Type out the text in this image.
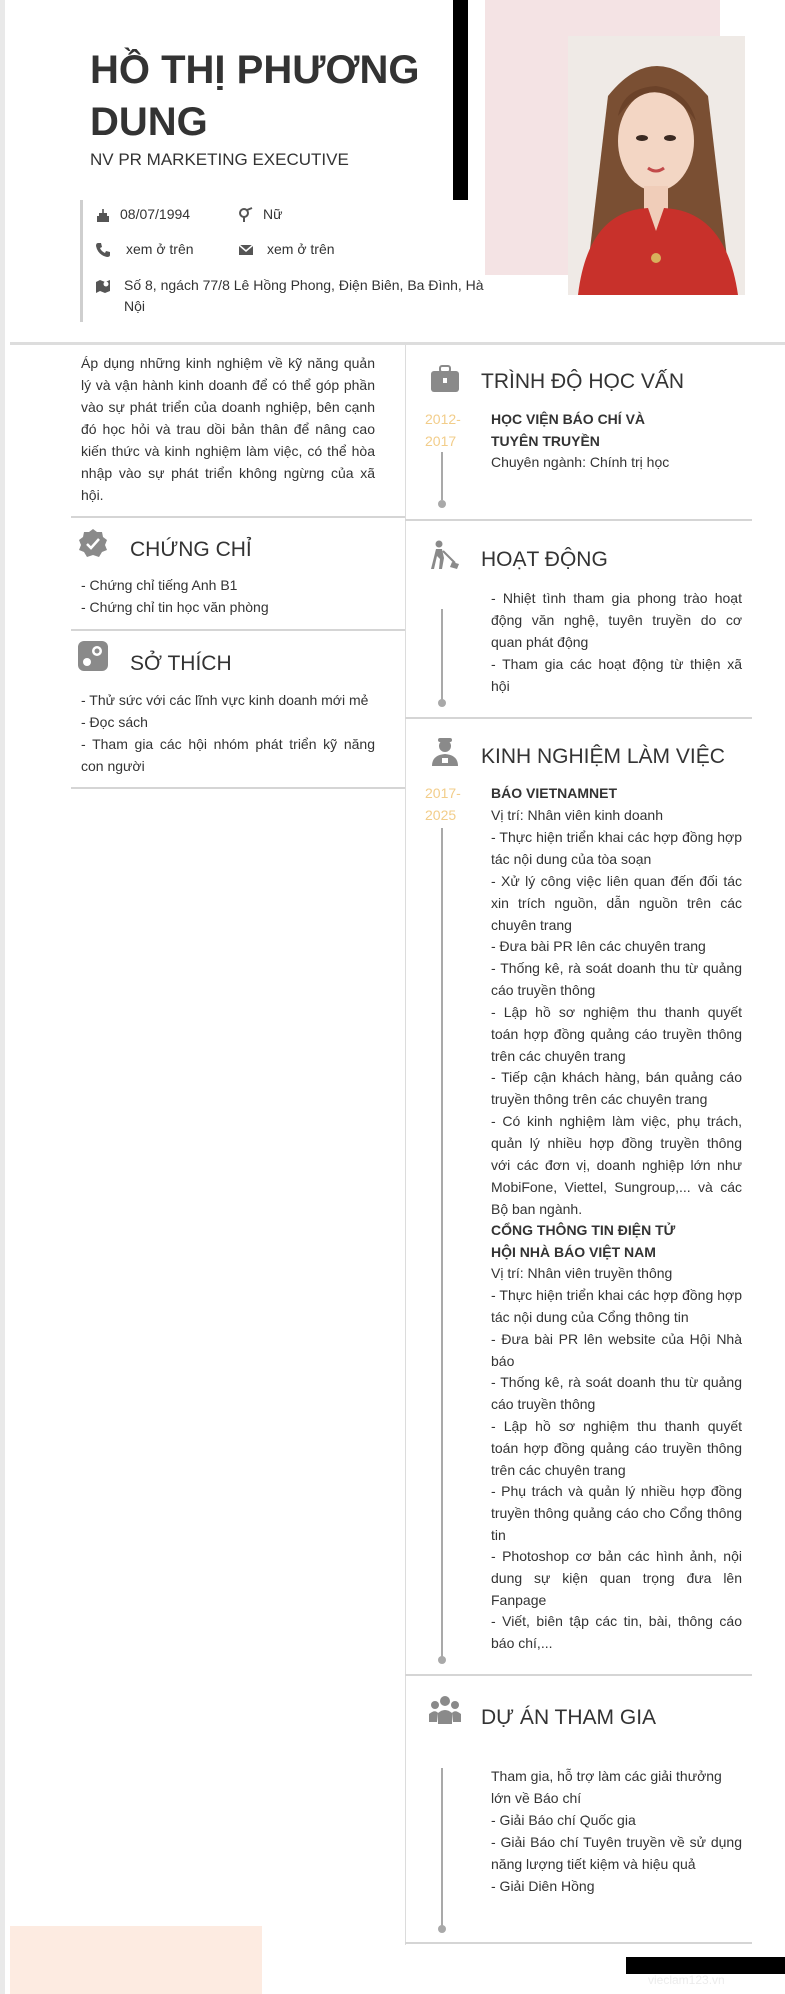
HỒ THỊ PHƯƠNG DUNG
NV PR MARKETING EXECUTIVE
08/07/1994	Nữ
xem ở trên	xem ở trên
Số 8, ngách 77/8 Lê Hồng Phong, Điện Biên, Ba Đình, Hà Nội
Áp dụng những kinh nghiệm về kỹ năng quản lý và vận hành kinh doanh để có thể góp phần vào sự phát triển của doanh nghiệp, bên cạnh đó học hỏi và trau dồi bản thân để nâng cao kiến thức và kinh nghiệm làm việc, có thể hòa nhập vào sự phát triển không ngừng của xã hội.
CHỨNG CHỈ
- Chứng chỉ tiếng Anh B1
- Chứng chỉ tin học văn phòng
SỞ THÍCH
- Thử sức với các lĩnh vực kinh doanh mới mẻ
- Đọc sách
- Tham gia các hội nhóm phát triển kỹ năng con người
TRÌNH ĐỘ HỌC VẤN
2012-
2017
HỌC VIỆN BÁO CHÍ VÀ TUYÊN TRUYỀN
Chuyên ngành: Chính trị học
HOẠT ĐỘNG
- Nhiệt tình tham gia phong trào hoạt động văn nghệ, tuyên truyền do cơ quan phát động
- Tham gia các hoạt động từ thiện xã hội
KINH NGHIỆM LÀM VIỆC
2017-
2025
BÁO VIETNAMNET
Vị trí: Nhân viên kinh doanh
- Thực hiện triển khai các hợp đồng hợp tác nội dung của tòa soạn
- Xử lý công việc liên quan đến đối tác xin trích nguồn, dẫn nguồn trên các chuyên trang
- Đưa bài PR lên các chuyên trang
- Thống kê, rà soát doanh thu từ quảng cáo truyền thông
- Lập hồ sơ nghiệm thu thanh quyết toán hợp đồng quảng cáo truyền thông trên các chuyên trang
- Tiếp cận khách hàng, bán quảng cáo truyền thông trên các chuyên trang
- Có kinh nghiệm làm việc, phụ trách, quản lý nhiều hợp đồng truyền thông với các đơn vị, doanh nghiệp lớn như MobiFone, Viettel, Sungroup,... và các Bộ ban ngành.
CỔNG THÔNG TIN ĐIỆN TỬ HỘI NHÀ BÁO VIỆT NAM
Vị trí: Nhân viên truyền thông
- Thực hiện triển khai các hợp đồng hợp tác nội dung của Cổng thông tin
- Đưa bài PR lên website của Hội Nhà báo
- Thống kê, rà soát doanh thu từ quảng cáo truyền thông
- Lập hồ sơ nghiệm thu thanh quyết toán hợp đồng quảng cáo truyền thông trên các chuyên trang
- Phụ trách và quản lý nhiều hợp đồng truyền thông quảng cáo cho Cổng thông tin
- Photoshop cơ bản các hình ảnh, nội dung sự kiện quan trọng đưa lên Fanpage
- Viết, biên tập các tin, bài, thông cáo báo chí,...
DỰ ÁN THAM GIA
Tham gia, hỗ trợ làm các giải thưởng lớn về Báo chí
- Giải Báo chí Quốc gia
- Giải Báo chí Tuyên truyền về sử dụng năng lượng tiết kiệm và hiệu quả
- Giải Diên Hồng
vieclam123.vn
